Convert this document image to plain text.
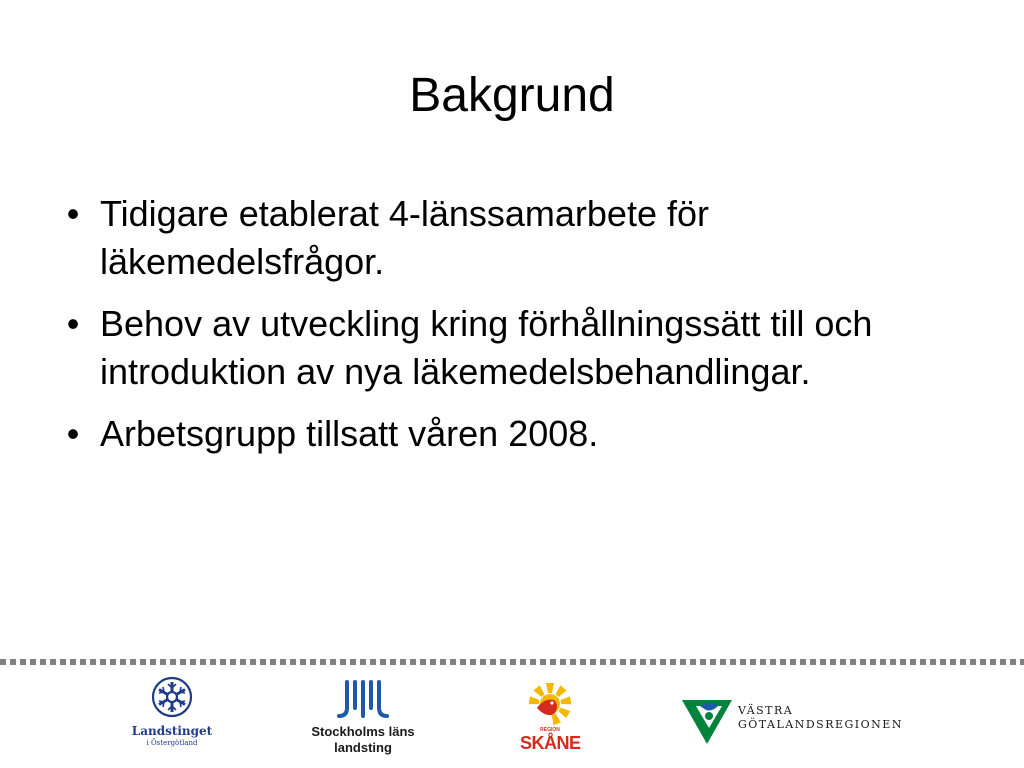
Bakgrund
• Tidigare etablerat 4-länssamarbete för läkemedelsfrågor.
• Behov av utveckling kring förhållningssätt till och introduktion av nya läkemedelsbehandlingar.
• Arbetsgrupp tillsatt våren 2008.
Landstinget
i Östergötland
Stockholms läns
landsting
REGION
SKÅNE
VÄSTRA
GÖTALANDSREGIONEN
